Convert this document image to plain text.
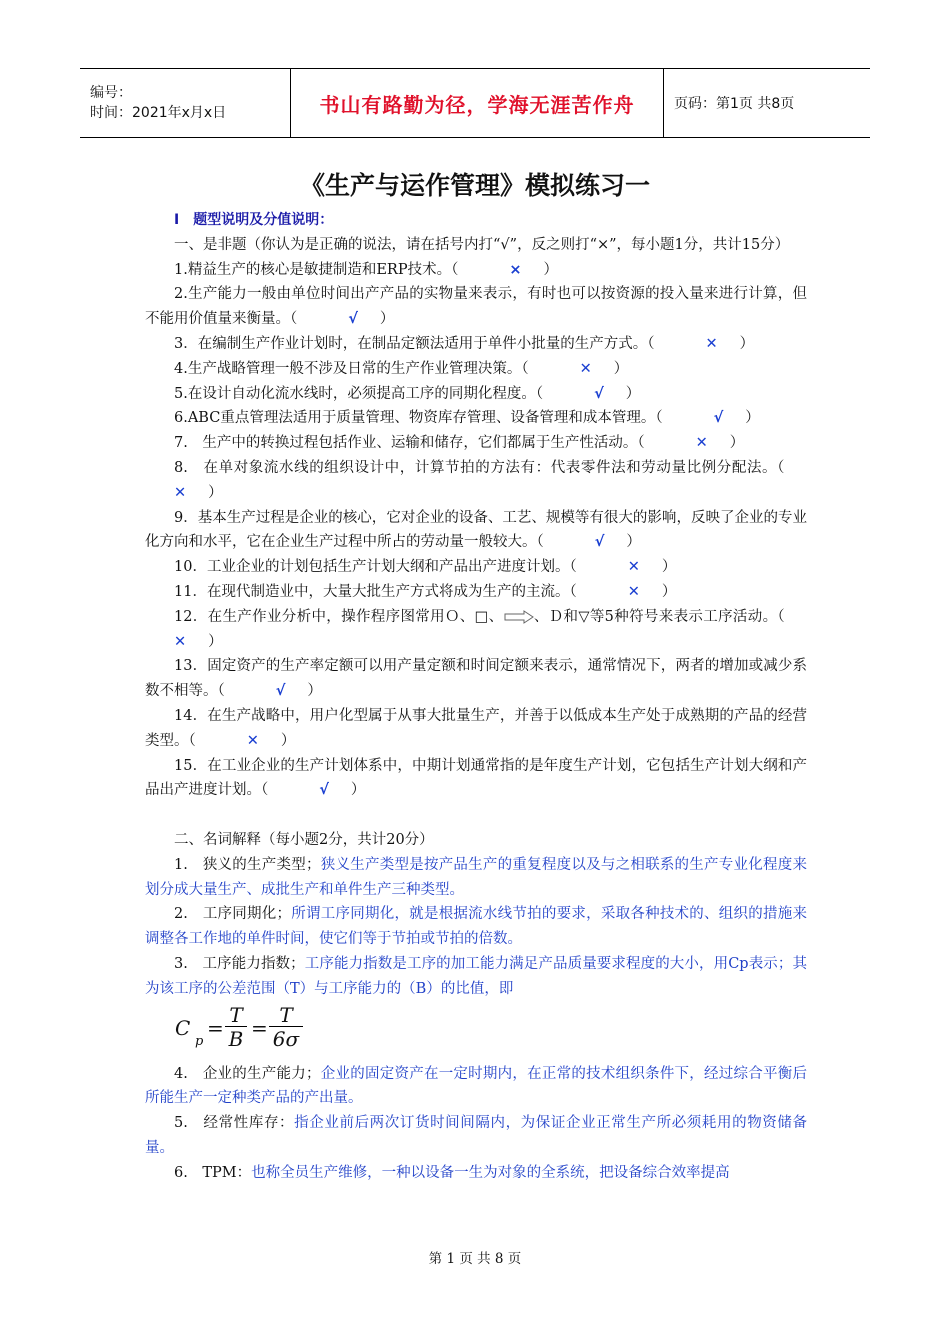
编号：
时间：2021年x月x日	书山有路勤为径，学海无涯苦作舟	页码：第1页 共8页
《生产与运作管理》模拟练习一

I　题型说明及分值说明：

一、是非题（你认为是正确的说法，请在括号内打“√”，反之则打“×”，每小题1分，共计15分）

1.精益生产的核心是敏捷制造和ERP技术。（	× ）

2.生产能力一般由单位时间出产产品的实物量来表示，有时也可以按资源的投入量来进行计算，但不能用价值量来衡量。（	√ ）

3．在编制生产作业计划时，在制品定额法适用于单件小批量的生产方式。（	✕ ）

4.生产战略管理一般不涉及日常的生产作业管理决策。（	✕ ）

5.在设计自动化流水线时，必须提高工序的同期化程度。（	√ ）

6.ABC重点管理法适用于质量管理、物资库存管理、设备管理和成本管理。（	√ ）

7.　生产中的转换过程包括作业、运输和储存，它们都属于生产性活动。（	✕ ）

8.　在单对象流水线的组织设计中，计算节拍的方法有：代表零件法和劳动量比例分配法。（✕ ）

9．基本生产过程是企业的核心，它对企业的设备、工艺、规模等有很大的影响，反映了企业的专业化方向和水平，它在企业生产过程中所占的劳动量一般较大。（	√ ）

10．工业企业的计划包括生产计划大纲和产品出产进度计划。（	✕ ）

11．在现代制造业中，大量大批生产方式将成为生产的主流。（	✕ ）

12．在生产作业分析中，操作程序图常用Ｏ、□、 、Ｄ和▽等5种符号来表示工序活动。（✕ ）

13．固定资产的生产率定额可以用产量定额和时间定额来表示，通常情况下，两者的增加或减少系数不相等。（	√ ）

14．在生产战略中，用户化型属于从事大批量生产，并善于以低成本生产处于成熟期的产品的经营类型。（	✕ ）

15．在工业企业的生产计划体系中，中期计划通常指的是年度生产计划，它包括生产计划大纲和产品出产进度计划。（	√ ）

二、名词解释（每小题2分，共计20分）

1.　狭义的生产类型；狭义生产类型是按产品生产的重复程度以及与之相联系的生产专业化程度来划分成大量生产、成批生产和单件生产三种类型。

2.　工序同期化；所谓工序同期化，就是根据流水线节拍的要求，采取各种技术的、组织的措施来调整各工作地的单件时间，使它们等于节拍或节拍的倍数。

3.　工序能力指数；工序能力指数是工序的加工能力满足产品质量要求程度的大小，用Cp表示；其为该工序的公差范围（T）与工序能力的（B）的比值，即

C
p
=
T
B =
T
6σ

4.　企业的生产能力；企业的固定资产在一定时期内，在正常的技术组织条件下，经过综合平衡后所能生产一定种类产品的产出量。

5.　经常性库存：指企业前后两次订货时间间隔内，为保证企业正常生产所必须耗用的物资储备量。

6.　TPM：也称全员生产维修，一种以设备一生为对象的全系统，把设备综合效率提高

第 1 页 共 8 页
